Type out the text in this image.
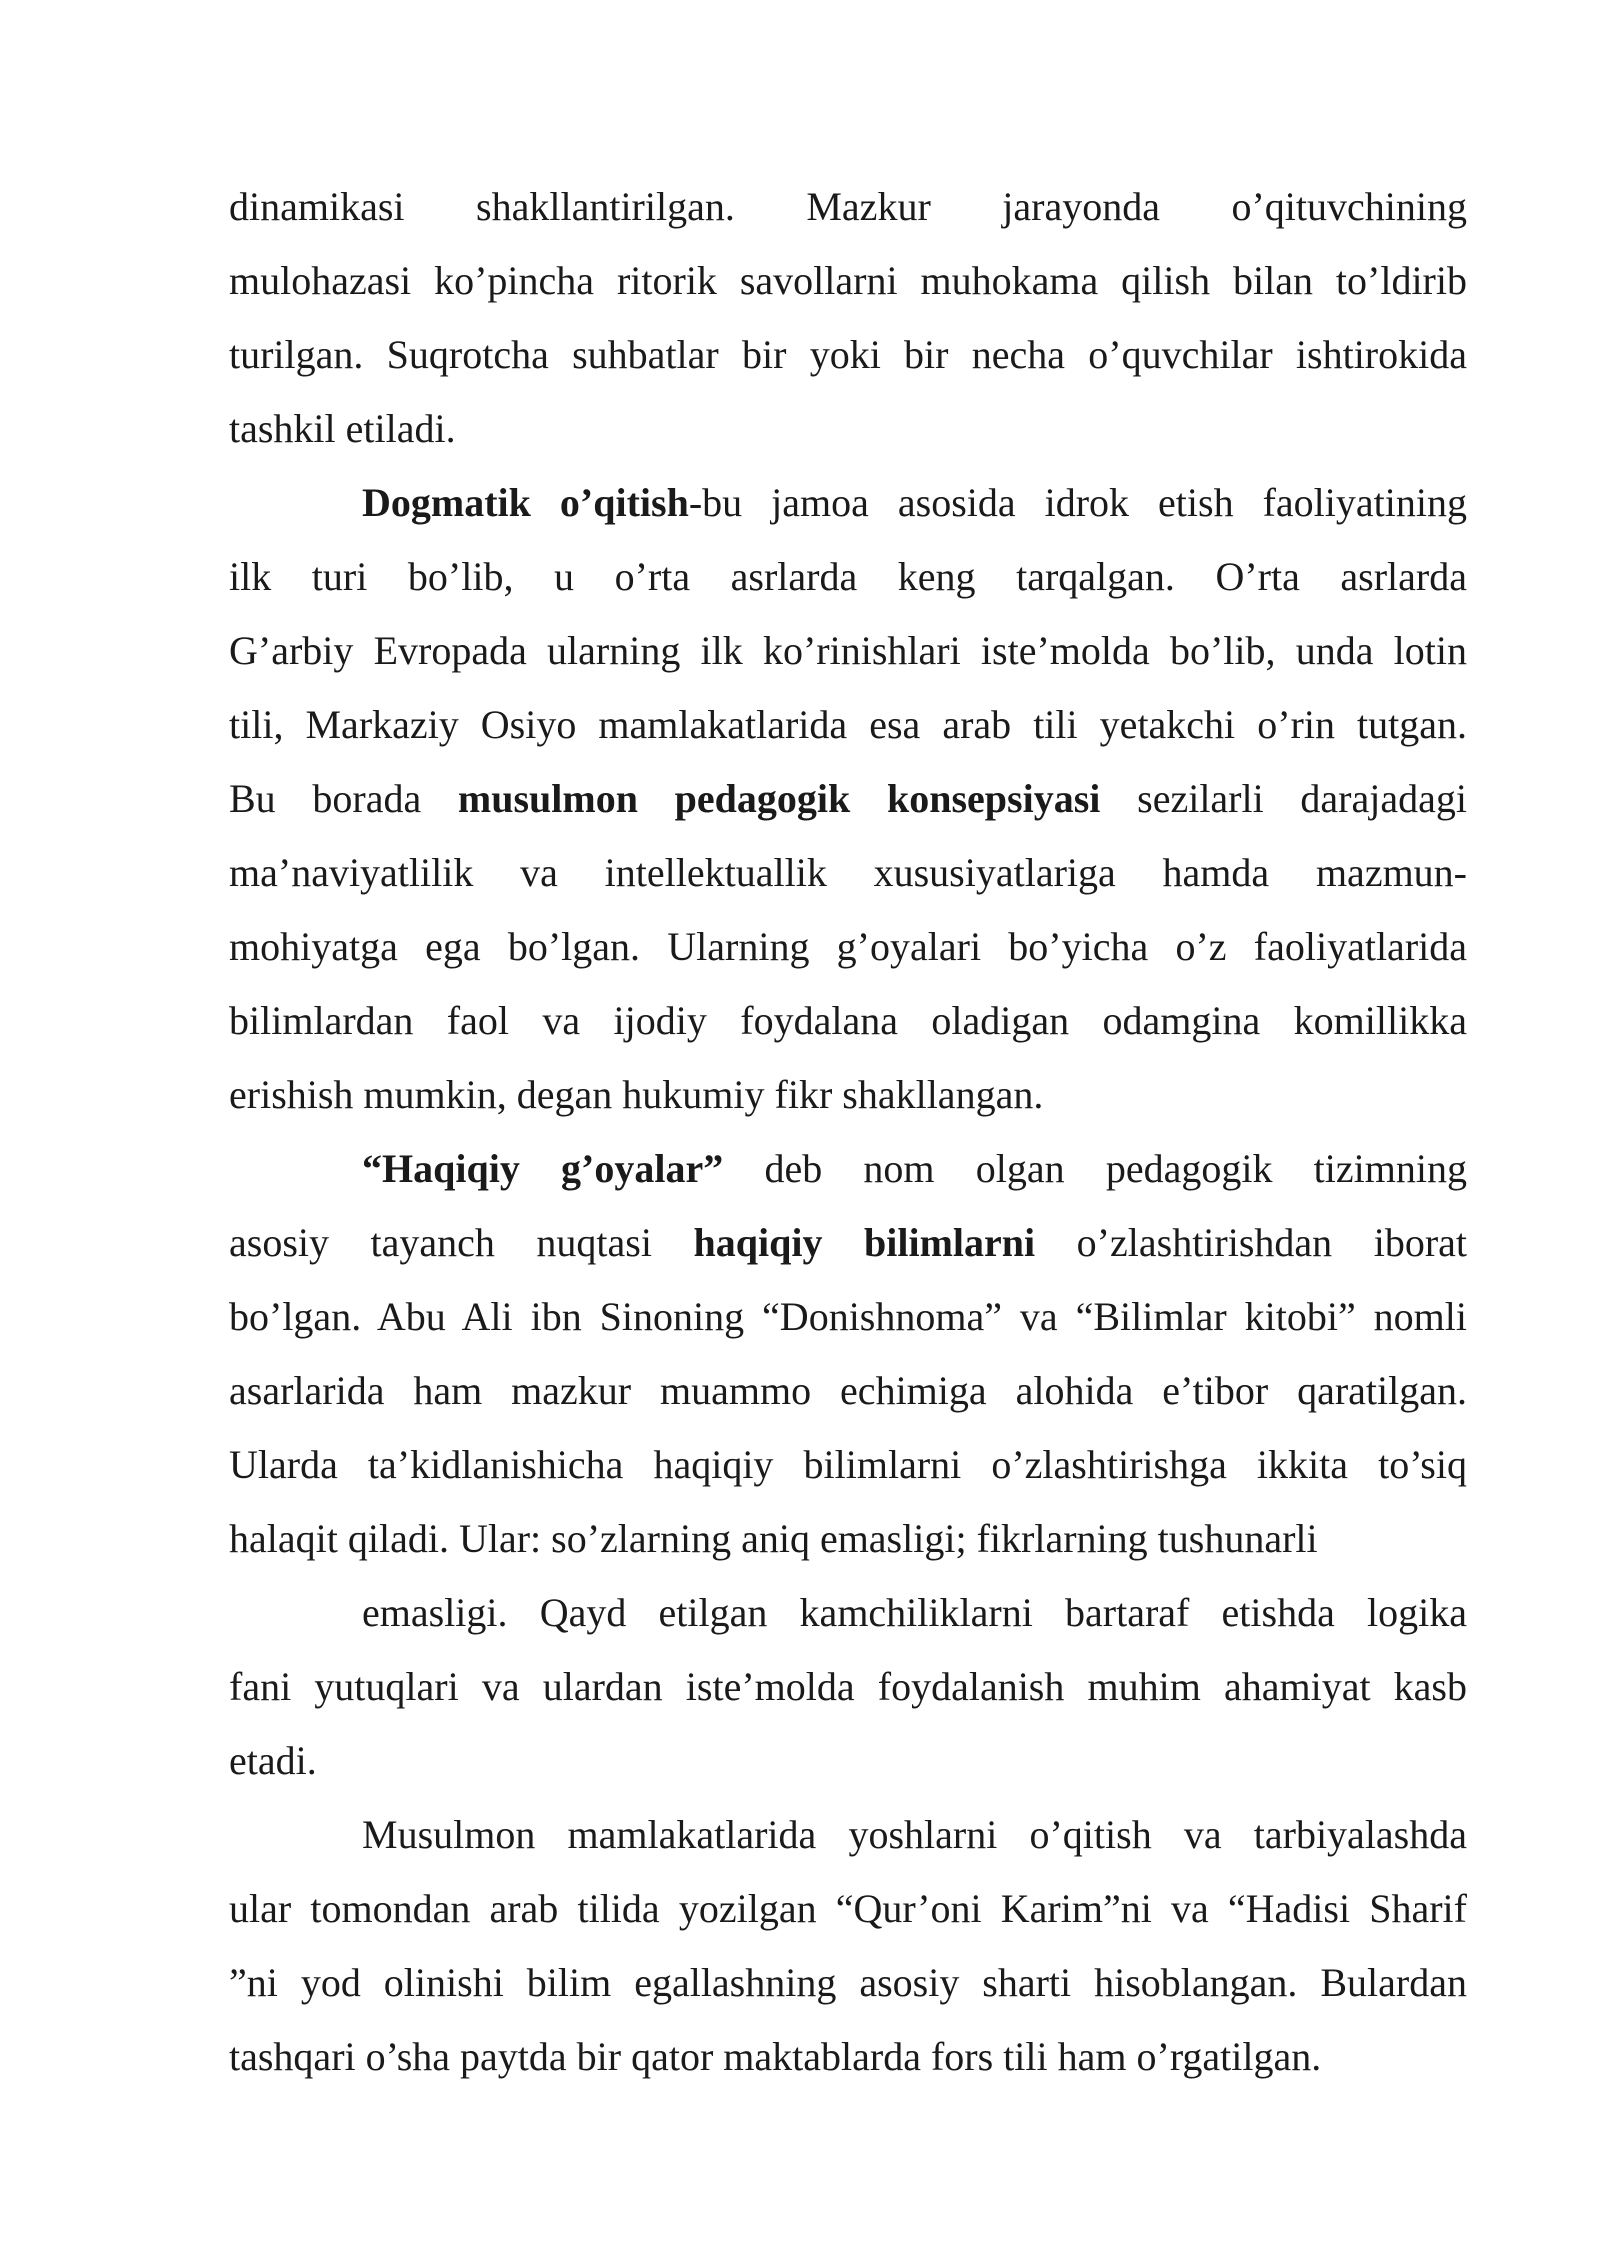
dinamikasi shakllantirilgan. Mazkur jarayonda o’qituvchining
mulohazasi ko’pincha ritorik savollarni muhokama qilish bilan to’ldirib
turilgan. Suqrotcha suhbatlar bir yoki bir necha o’quvchilar ishtirokida
tashkil etiladi.
Dogmatik o’qitish-bu jamoa asosida idrok etish faoliyatining
ilk turi bo’lib, u o’rta asrlarda keng tarqalgan. O’rta asrlarda
G’arbiy Evropada ularning ilk ko’rinishlari iste’molda bo’lib, unda lotin
tili, Markaziy Osiyo mamlakatlarida esa arab tili yetakchi o’rin tutgan.
Bu borada musulmon pedagogik konsepsiyasi sezilarli darajadagi
ma’naviyatlilik va intellektuallik xususiyatlariga hamda mazmun-
mohiyatga ega bo’lgan. Ularning g’oyalari bo’yicha o’z faoliyatlarida
bilimlardan faol va ijodiy foydalana oladigan odamgina komillikka
erishish mumkin, degan hukumiy fikr shakllangan.
“Haqiqiy g’oyalar” deb nom olgan pedagogik tizimning
asosiy tayanch nuqtasi haqiqiy bilimlarni o’zlashtirishdan iborat
bo’lgan. Abu Ali ibn Sinoning “Donishnoma” va “Bilimlar kitobi” nomli
asarlarida ham mazkur muammo echimiga alohida e’tibor qaratilgan.
Ularda ta’kidlanishicha haqiqiy bilimlarni o’zlashtirishga ikkita to’siq
halaqit qiladi. Ular: so’zlarning aniq emasligi; fikrlarning tushunarli
emasligi. Qayd etilgan kamchiliklarni bartaraf etishda logika
fani yutuqlari va ulardan iste’molda foydalanish muhim ahamiyat kasb
etadi.
Musulmon mamlakatlarida yoshlarni o’qitish va tarbiyalashda
ular tomondan arab tilida yozilgan “Qur’oni Karim”ni va “Hadisi Sharif
”ni yod olinishi bilim egallashning asosiy sharti hisoblangan. Bulardan
tashqari o’sha paytda bir qator maktablarda fors tili ham o’rgatilgan.
